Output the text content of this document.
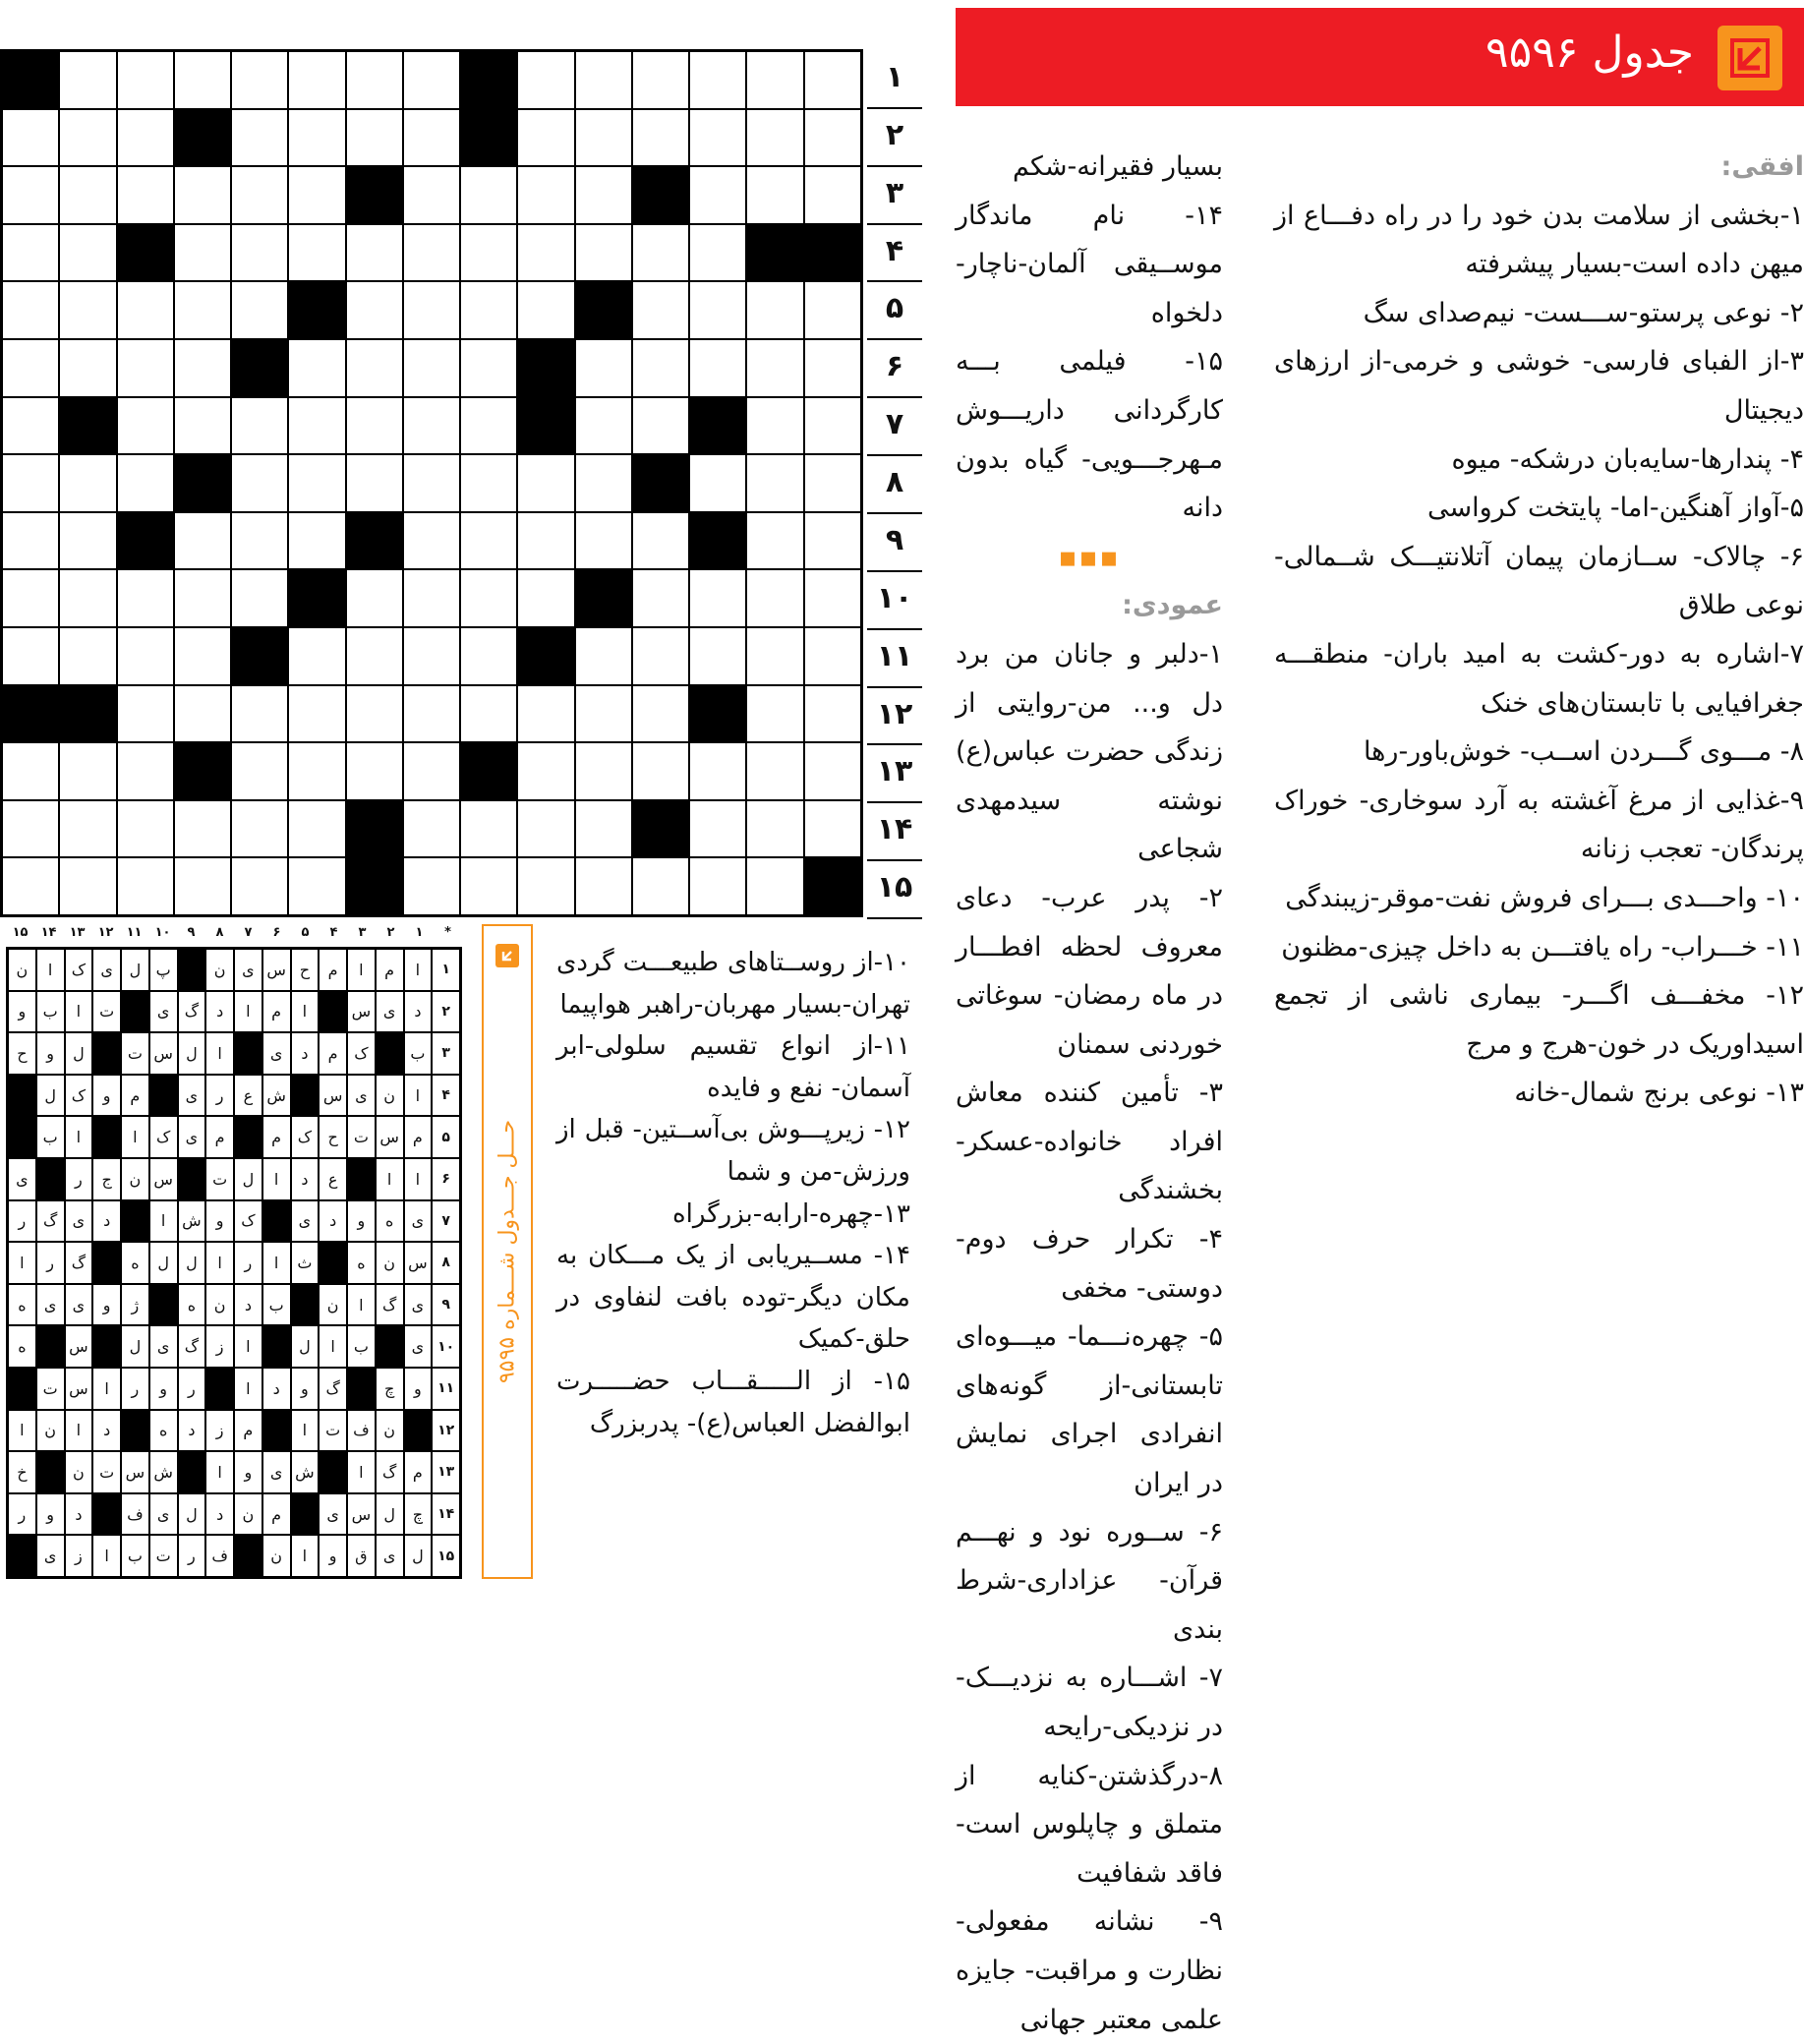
۱
۲
۳
۴
۵
۶
۷
۸
۹
۱۰
۱۱
۱۲
۱۳
۱۴
۱۵
جدول ۹۵۹۶

افقی:

۱-بخشی از سلامت بدن خود را در راه دفـــاع از میهن داده است-بسیار پیشرفته

۲- نوعی پرستو-ســـست- نیم‌صدای سگ

۳-از الفبای فارسی- خوشی و خرمی-از ارزهای دیجیتال

۴- پندارها-سایه‌بان درشکه- میوه

۵-آواز آهنگین-اما- پایتخت کرواسی

۶- چالاک- ســازمان پیمان آتلانتیـــک شــمالی- نوعی طلاق

۷-اشاره به دور-کشت به امید باران- منطقـــه جغرافیایی با تابستان‌های خنک

۸- مـــوی گـــردن اســب- خوش‌باور-رها

۹-غذایی از مرغ آغشته به آرد سوخاری- خوراک پرندگان- تعجب زنانه

۱۰- واحـــدی بـــرای فروش نفت-موقر-زیبندگی

۱۱- خـــراب- راه یافتـــن به داخل چیزی-مظنون

۱۲- مخفـــف اگـــر- بیماری ناشی از تجمع اسیداوریک در خون-هرج و مرج

۱۳- نوعی برنج شمال-خانه

بسیار فقیرانه-شکم

۱۴- نام ماندگار موســیقی آلمان-ناچار-دلخواه

۱۵- فیلمی بـــه کارگردانی داریـــوش مـهرجـــویی- گیاه بدون دانه

▪▪▪

عمودی:

۱-دلبر و جانان من برد دل و... من-روایتی از زندگی حضرت عباس(ع) نوشته سیدمهدی شجاعی

۲- پدر عرب- دعای معروف لحظه افطـــار در ماه رمضان- سوغاتی خوردنی سمنان

۳- تأمین کننده معاش افراد خانواده-عسکر-بخشندگی

۴- تکرار حرف دوم- دوستی- مخفی

۵- چهره‌نـــما- میـــوه‌ای تابستانی-از گونه‌های انفرادی اجرای نمایش در ایران

۶- ســوره نود و نهـــم قرآن- عزاداری-شرط بندی

۷- اشـــاره به نزدیـــک- در نزدیکی-رایحه

۸-درگذشتن-کنایه از متملق و چاپلوس است-فاقد شفافیت

۹- نشانه مفعولی- نظارت و مراقبت- جایزه علمی معتبر جهانی

۱۰-از روســتاهای طبیعـــت گردی تهران-بسیار مهربان-راهبر هواپیما

۱۱-از انواع تقسیم سلولی-ابر آسمان- نفع و فایده

۱۲- زیرپـــوش بی‌آســتین- قبل از ورزش-من و شما

۱۳-چهره-ارابه-بزرگراه

۱۴- مســیریابی از یک مـــکان به مکان دیگر-توده بافت لنفاوی در حلق-کمیک

۱۵- از الـــــقـــاب حضـــــرت ابوالفضل العباس(ع)- پدربزرگ

حـــل جـــدول شـــماره ۹۵۹۵
*
۱
۲
۳
۴
۵
۶
۷
۸
۹
۱۰
۱۱
۱۲
۱۳
۱۴
۱۵
۱
ا
م
ا
م
ح
س
ی
ن
پ
ل
ی
ک
ا
ن
۲
د
ی
س
ا
م
ا
د
گ
ی
ت
ا
ب
و
۳
ب
ک
م
د
ی
ا
ل
س
ت
ل
و
ح
۴
ا
ن
ی
س
ش
ع
ر
ی
م
و
ک
ل
۵
م
س
ت
ح
ک
م
م
ی
ک
ا
ا
ب
۶
ا
ا
ع
د
ا
ل
ت
س
ن
ج
ر
ی
۷
ی
ه
و
د
ی
ک
و
ش
ا
د
ی
گ
ر
۸
س
ن
ه
ث
ا
ر
ا
ل
ل
ه
گ
ر
ا
۹
ی
گ
ا
ن
ب
د
ن
ه
ژ
و
ی
ی
ه
۱۰
ی
ب
ا
ل
ا
ز
گ
ی
ل
س
ه
۱۱
و
چ
گ
و
د
ا
ر
و
ر
ا
س
ت
۱۲
ن
ف
ت
ا
م
ز
د
ه
د
ا
ن
ا
۱۳
م
گ
ا
ش
ی
و
ا
ش
س
ت
ن
خ
۱۴
چ
ل
س
ی
م
ن
د
ل
ی
ف
د
و
ر
۱۵
ل
ی
ق
و
ا
ن
ف
ر
ت
ب
ا
ز
ی
